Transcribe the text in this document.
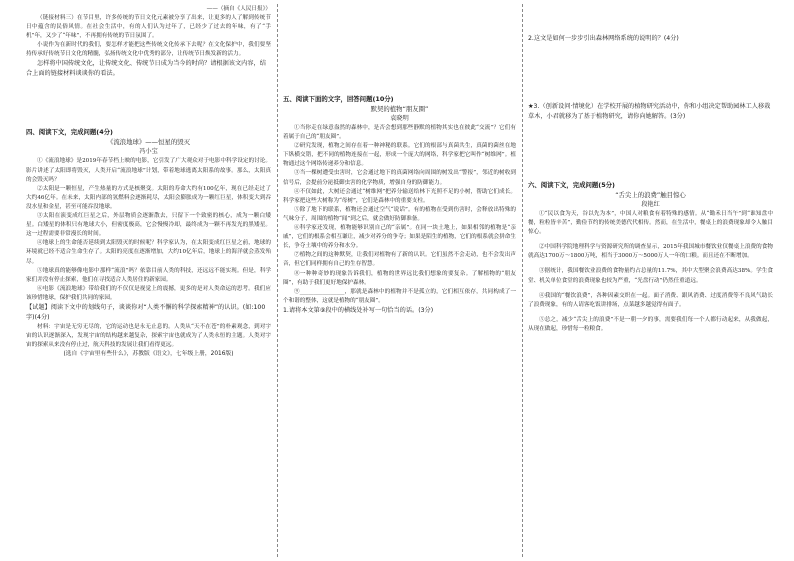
——（摘自《人民日报》）

（链接材料三）在节目里，许多传统的节日文化元素被分享了出来，让更多的人了解到传统节日中蕴含的民俗风情。在社会生活中，有的人们认为过年了，已经少了过去的年味，有了“手机”年，又少了“年味”，不再拥有传统的节日氛围了。

小说作为在新时代的我们，要怎样才能把这些传统文化传承下去呢？在文化保护中，我们要坚持传承好传统节日文化的精髓，弘扬传统文化中优秀的部分，让传统节日焕发新的活力。

怎样将中国传统文化，让传统文化、传统节日成为当今的时尚？请根据该文内容，结合上面的链接材料谈谈你的看法。

四、阅读下文，完成问题(4分)

《流浪地球》——恒星的毁灭

冯小宝

①《流浪地球》是2019年春节档上映的电影，它引发了广大观众对于电影中科学设定的讨论。影片讲述了太阳即将毁灭，人类开启“流浪地球”计划，带着地球逃离太阳系的故事。那么，太阳真的会毁灭吗？

②太阳是一颗恒星，产生热量的方式是核聚变。太阳的寿命大约有100亿年，现在已经走过了大约46亿年。在未来，太阳内部的氢燃料会逐渐耗尽，太阳会膨胀成为一颗红巨星，体积变大到吞没水星和金星，甚至可能吞没地球。

③太阳在演变成红巨星之后，外层物质会逐渐散去，只留下一个致密的核心，成为一颗白矮星。白矮星的体积只有地球大小，但密度极高，它会慢慢冷却，最终成为一颗不再发光的黑矮星。这一过程需要非常漫长的时间。

④地球上的生命能否延续到太阳毁灭的时候呢？科学家认为，在太阳变成红巨星之前，地球的环境就已经不适合生命生存了。太阳的亮度在逐渐增加，大约10亿年后，地球上的海洋就会蒸发殆尽。

⑤地球真的能够像电影中那样“流浪”吗？依靠目前人类的科技，还远远不能实现。但是，科学家们并没有停止探索，他们在寻找适合人类居住的新家园。

⑥电影《流浪地球》带给我们的不仅仅是视觉上的震撼，更多的是对人类命运的思考。我们应该珍惜地球，保护我们共同的家园。

【试题】阅读下文中的划线句子，谈谈你对“人类不懈的科学探索精神”的认识。(如:100字)(4分)

材料：宇宙是无穷无尽的，它的运动也是永无止息的。人类从“天不在苍”的朴素观念，到对宇宙的认识逐渐深入，发现宇宙的结构越来越复杂，探索宇宙也就成为了人类永恒的主题。人类对宇宙的探索从来没有停止过，航天科技的发展让我们看得更远。

(选自《宇宙里有些什么》，苏教版《语文》，七年级上册，2016版)

五、阅读下面的文字，回答问题(10分)

默契的植物“朋友圈”

袁晓明

①当你走在绿意盎然的森林中，是否会想到那些静默的植物其实也在彼此“交流”？它们有着属于自己的“朋友圈”。

②研究发现，植物之间存在着一种神秘的联系。它们的根部与真菌共生，真菌的菌丝在地下纵横交错，把不同的植物连接在一起，形成一个庞大的网络，科学家把它叫作“树维网”。植物通过这个网络传递养分和信息。

③当一棵树遭受虫害时，它会通过地下的真菌网络向周围的树发出“警报”，邻近的树收到信号后，会提前分泌抵御虫害的化学物质，增强自身的防御能力。

④不仅如此，大树还会通过“树维网”把养分输送给林下光照不足的小树，帮助它们成长。科学家把这些大树称为“母树”，它们是森林中的重要支柱。

⑤除了地下的联系，植物还会通过空气“说话”。有的植物在受到伤害时，会释放出特殊的气味分子，周围的植物“闻”到之后，就会做好防御准备。

⑥科学家还发现，植物能够识别自己的“亲属”。在同一块土地上，如果相邻的植物是“亲戚”，它们的根系会相互谦让，减少对养分的争夺；如果是陌生的植物，它们的根系就会拼命生长，争夺土壤中的养分和水分。

⑦植物之间的这种默契，让我们对植物有了新的认识。它们虽然不会走动，也不会发出声音，但它们同样拥有自己的生存智慧。

⑧一种种奇妙的现象告诉我们，植物的世界远比我们想象的要复杂。了解植物的“朋友圈”，有助于我们更好地保护森林。

⑨________________，那就是森林中的植物并不是孤立的，它们相互依存，共同构成了一个和谐的整体，这就是植物的“朋友圈”。

1.请将本文第⑨段中的横线处补写一句恰当的话。(3分)

2.这文是如何一步步引出森林网络系统的说明的？(4分)

★3.（创新设问·情境化）在学校开展的植物研究活动中，你和小组决定帮助园林工人移栽草木，小君就移为了基于植物研究，请你向她解答。(3分)

六、阅读下文，完成问题(5分)

“舌尖上的浪费”触目惊心

段艳红

①“民以食为天，谷以先为本”，中国人对粮食有着特殊的感情。从“锄禾日当午”到“谁知盘中餐，粒粒皆辛苦”，勤俭节约的传统美德代代相传。然而，在生活中，餐桌上的浪费现象却令人触目惊心。

②中国科学院地理科学与资源研究所的调查显示，2015年我国城市餐饮业仅餐桌上浪费的食物就高达1700万～1800万吨，相当于3000万～5000万人一年的口粮。而且还在不断增加。

③据统计，我国餐饮业浪费的食物量约占总量的11.7%，其中大型聚会浪费高达38%。学生食堂、机关单位食堂的浪费现象也较为严重，“光盘行动”仍然任重道远。

④我国的“餐饮浪费”，各种因素交织在一起。面子消费、跟风消费、过度消费等不良风气助长了浪费现象，有的人请客吃饭讲排场，点菜越多越觉得有面子。

⑤总之，减少“舌尖上的浪费”不是一朝一夕的事，需要我们每一个人都行动起来，从我做起，从现在做起，珍惜每一粒粮食。
